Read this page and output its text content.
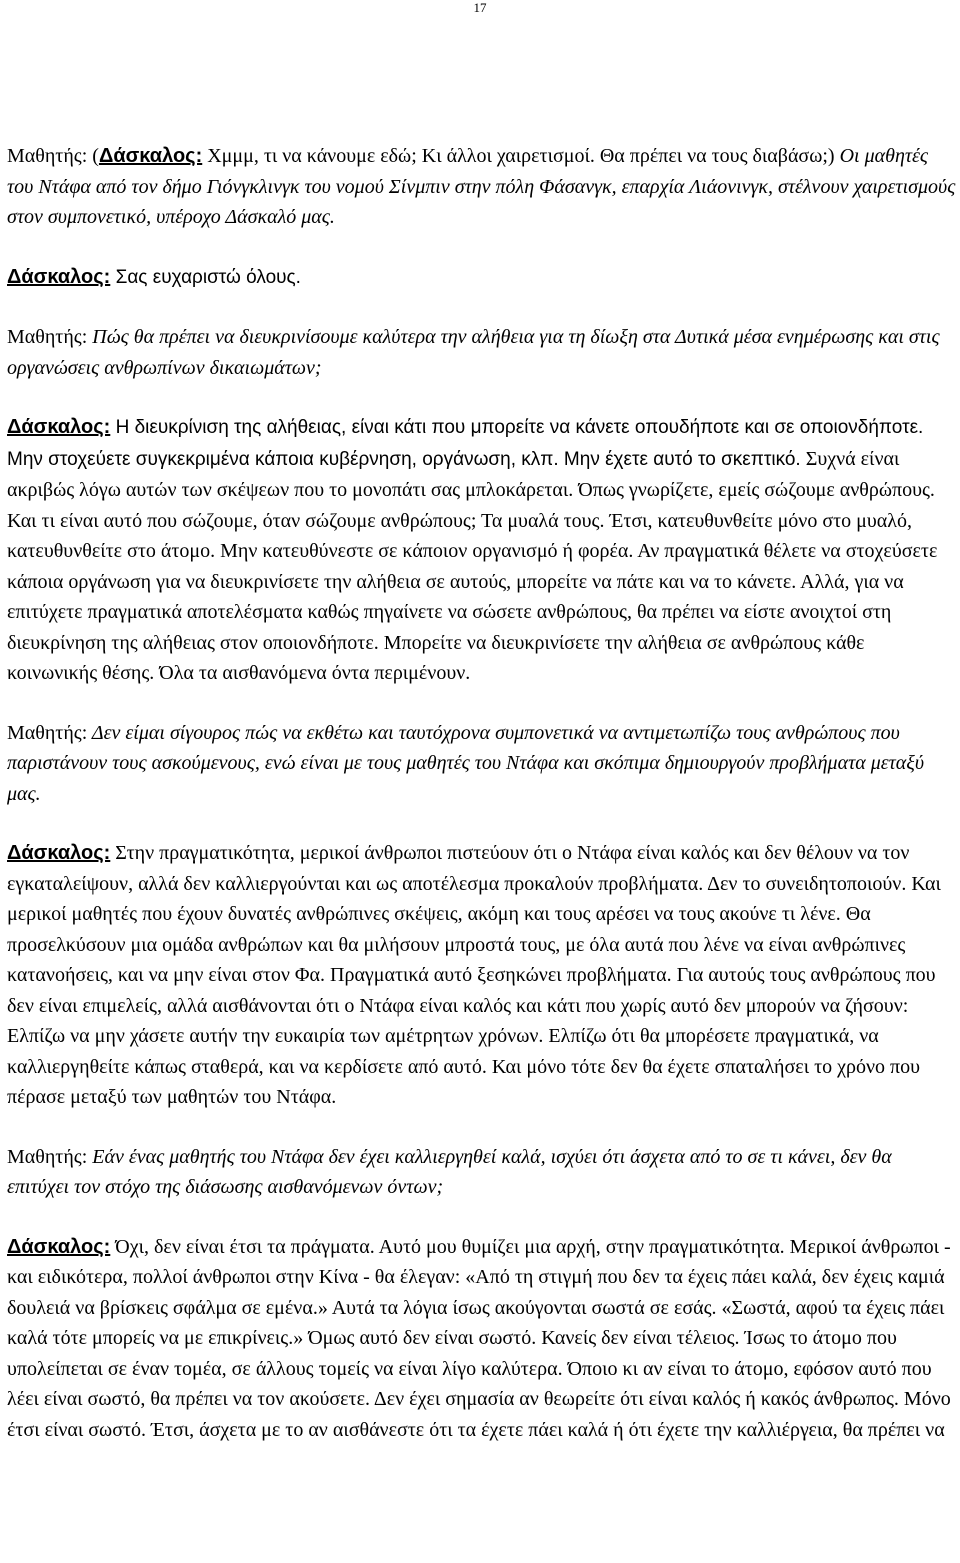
17

Μαθητής: (Δάσκαλος: Χμμμ, τι να κάνουμε εδώ; Κι άλλοι χαιρετισμοί. Θα πρέπει να τους διαβάσω;) Οι μαθητές του Ντάφα από τον δήμο Γιόνγκλινγκ του νομού Σίνμπιν στην πόλη Φάσανγκ, επαρχία Λιάονινγκ, στέλνουν χαιρετισμούς στον συμπονετικό, υπέροχο Δάσκαλό μας.

Δάσκαλος: Σας ευχαριστώ όλους.

Μαθητής: Πώς θα πρέπει να διευκρινίσουμε καλύτερα την αλήθεια για τη δίωξη στα Δυτικά μέσα ενημέρωσης και στις οργανώσεις ανθρωπίνων δικαιωμάτων;

Δάσκαλος: Η διευκρίνιση της αλήθειας, είναι κάτι που μπορείτε να κάνετε οπουδήποτε και σε οποιονδήποτε. Μην στοχεύετε συγκεκριμένα κάποια κυβέρνηση, οργάνωση, κλπ. Μην έχετε αυτό το σκεπτικό. Συχνά είναι ακριβώς λόγω αυτών των σκέψεων που το μονοπάτι σας μπλοκάρεται. Όπως γνωρίζετε, εμείς σώζουμε ανθρώπους. Και τι είναι αυτό που σώζουμε, όταν σώζουμε ανθρώπους; Τα μυαλά τους. Έτσι, κατευθυνθείτε μόνο στο μυαλό, κατευθυνθείτε στο άτομο. Μην κατευθύνεστε σε κάποιον οργανισμό ή φορέα. Αν πραγματικά θέλετε να στοχεύσετε κάποια οργάνωση για να διευκρινίσετε την αλήθεια σε αυτούς, μπορείτε να πάτε και να το κάνετε. Αλλά, για να επιτύχετε πραγματικά αποτελέσματα καθώς πηγαίνετε να σώσετε ανθρώπους, θα πρέπει να είστε ανοιχτοί στη διευκρίνηση της αλήθειας στον οποιονδήποτε. Μπορείτε να διευκρινίσετε την αλήθεια σε ανθρώπους κάθε κοινωνικής θέσης. Όλα τα αισθανόμενα όντα περιμένουν.

Μαθητής: Δεν είμαι σίγουρος πώς να εκθέτω και ταυτόχρονα συμπονετικά να αντιμετωπίζω τους ανθρώπους που παριστάνουν τους ασκούμενους, ενώ είναι με τους μαθητές του Ντάφα και σκόπιμα δημιουργούν προβλήματα μεταξύ μας.

Δάσκαλος: Στην πραγματικότητα, μερικοί άνθρωποι πιστεύουν ότι ο Ντάφα είναι καλός και δεν θέλουν να τον εγκαταλείψουν, αλλά δεν καλλιεργούνται και ως αποτέλεσμα προκαλούν προβλήματα. Δεν το συνειδητοποιούν. Και μερικοί μαθητές που έχουν δυνατές ανθρώπινες σκέψεις, ακόμη και τους αρέσει να τους ακούνε τι λένε. Θα προσελκύσουν μια ομάδα ανθρώπων και θα μιλήσουν μπροστά τους, με όλα αυτά που λένε να είναι ανθρώπινες κατανοήσεις, και να μην είναι στον Φα. Πραγματικά αυτό ξεσηκώνει προβλήματα. Για αυτούς τους ανθρώπους που δεν είναι επιμελείς, αλλά αισθάνονται ότι ο Ντάφα είναι καλός και κάτι που χωρίς αυτό δεν μπορούν να ζήσουν: Ελπίζω να μην χάσετε αυτήν την ευκαιρία των αμέτρητων χρόνων. Ελπίζω ότι θα μπορέσετε πραγματικά, να καλλιεργηθείτε κάπως σταθερά, και να κερδίσετε από αυτό. Και μόνο τότε δεν θα έχετε σπαταλήσει το χρόνο που πέρασε μεταξύ των μαθητών του Ντάφα.

Μαθητής: Εάν ένας μαθητής του Ντάφα δεν έχει καλλιεργηθεί καλά, ισχύει ότι άσχετα από το σε τι κάνει, δεν θα επιτύχει τον στόχο της διάσωσης αισθανόμενων όντων;

Δάσκαλος: Όχι, δεν είναι έτσι τα πράγματα. Αυτό μου θυμίζει μια αρχή, στην πραγματικότητα. Μερικοί άνθρωποι - και ειδικότερα, πολλοί άνθρωποι στην Κίνα - θα έλεγαν: «Από τη στιγμή που δεν τα έχεις πάει καλά, δεν έχεις καμιά δουλειά να βρίσκεις σφάλμα σε εμένα.» Αυτά τα λόγια ίσως ακούγονται σωστά σε εσάς. «Σωστά, αφού τα έχεις πάει καλά τότε μπορείς να με επικρίνεις.» Όμως αυτό δεν είναι σωστό. Κανείς δεν είναι τέλειος. Ίσως το άτομο που υπολείπεται σε έναν τομέα, σε άλλους τομείς να είναι λίγο καλύτερα. Όποιο κι αν είναι το άτομο, εφόσον αυτό που λέει είναι σωστό, θα πρέπει να τον ακούσετε. Δεν έχει σημασία αν θεωρείτε ότι είναι καλός ή κακός άνθρωπος. Μόνο έτσι είναι σωστό. Έτσι, άσχετα με το αν αισθάνεστε ότι τα έχετε πάει καλά ή ότι έχετε την καλλιέργεια, θα πρέπει να
